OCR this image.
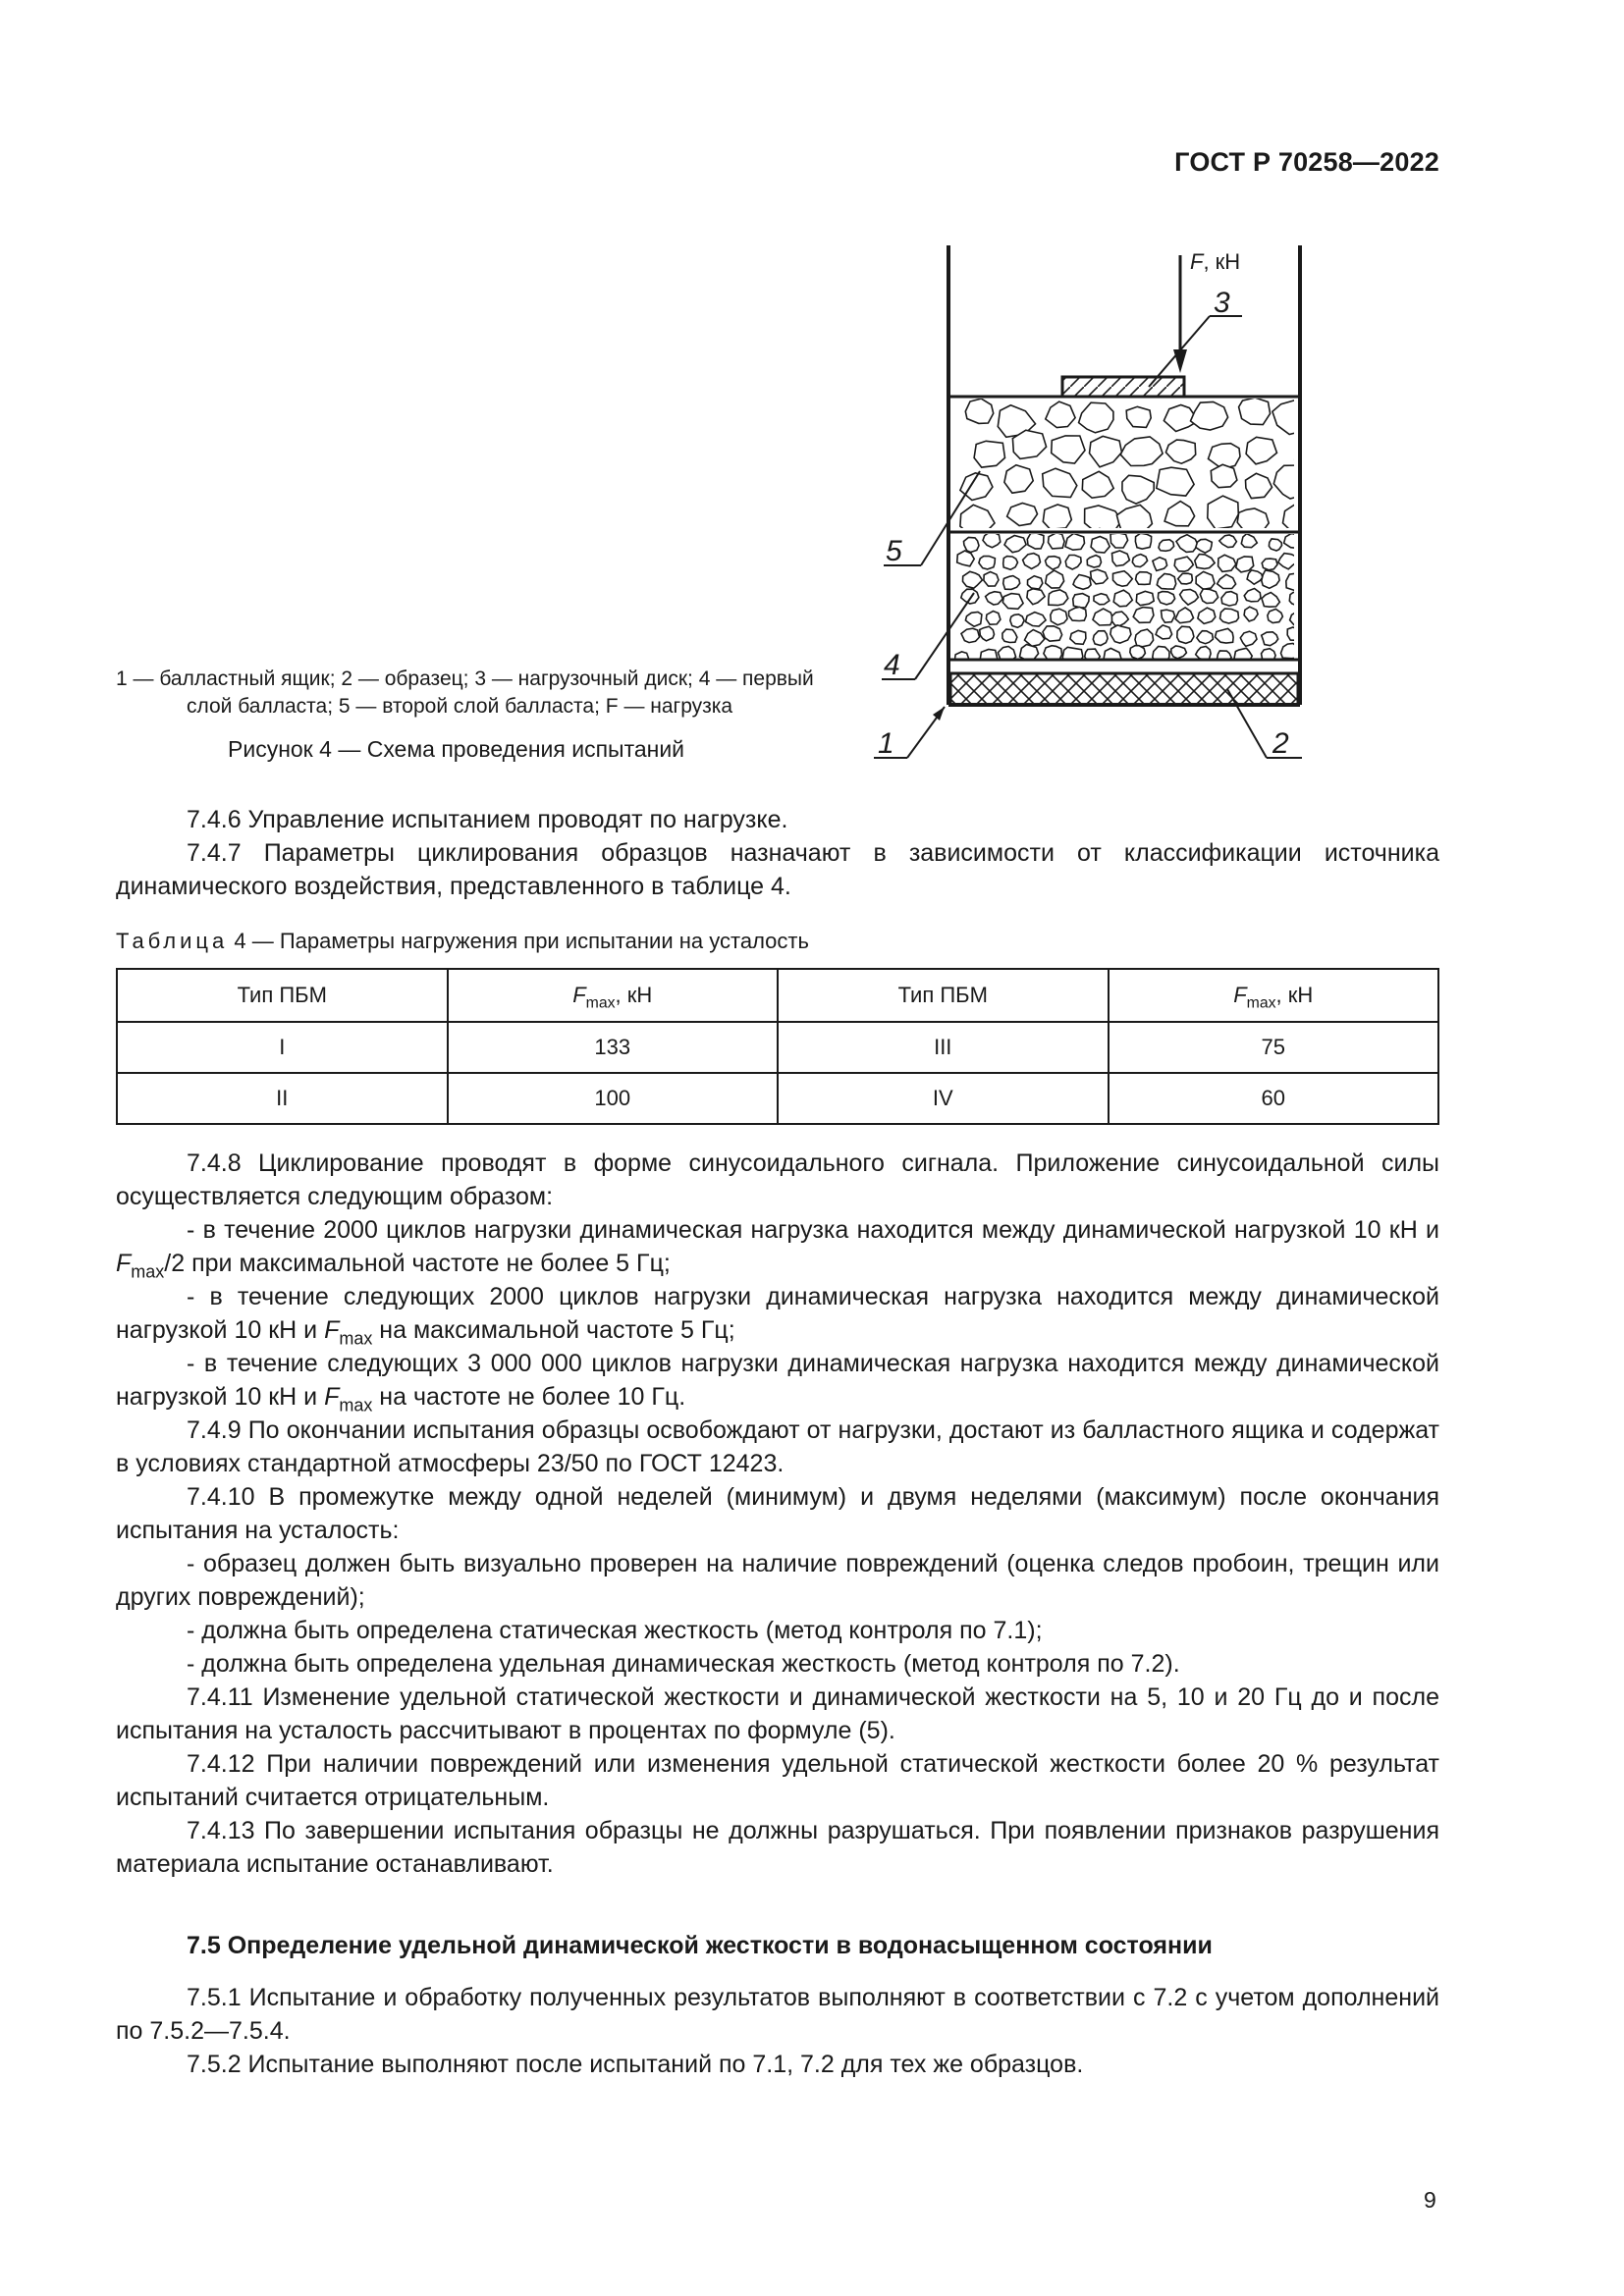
ГОСТ Р 70258—2022
F, кН
3
5
4
1	2
1 — балластный ящик; 2 — образец; 3 — нагрузочный диск; 4 — первый
слой балласта; 5 — второй слой балласта; F — нагрузка
Рисунок 4 — Схема проведения испытаний

7.4.6 Управление испытанием проводят по нагрузке.

7.4.7 Параметры циклирования образцов назначают в зависимости от классификации источника динамического воздействия, представленного в таблице 4.

Таблица 4 — Параметры нагружения при испытании на усталость
Тип ПБМ	$F_{max}$, кН	Тип ПБМ	$F_{max}$, кН
I	133	III	75
II	100	IV	60

7.4.8 Циклирование проводят в форме синусоидального сигнала. Приложение синусоидальной силы осуществляется следующим образом:

- в течение 2000 циклов нагрузки динамическая нагрузка находится между динамической нагрузкой 10 кН и $F_{max}/2$ при максимальной частоте не более 5 Гц;

- в течение следующих 2000 циклов нагрузки динамическая нагрузка находится между динамической нагрузкой 10 кН и $F_{max}$ на максимальной частоте 5 Гц;

- в течение следующих 3 000 000 циклов нагрузки динамическая нагрузка находится между динамической нагрузкой 10 кН и $F_{max}$ на частоте не более 10 Гц.

7.4.9 По окончании испытания образцы освобождают от нагрузки, достают из балластного ящика и содержат в условиях стандартной атмосферы 23/50 по ГОСТ 12423.

7.4.10 В промежутке между одной неделей (минимум) и двумя неделями (максимум) после окончания испытания на усталость:

- образец должен быть визуально проверен на наличие повреждений (оценка следов пробоин, трещин или других повреждений);

- должна быть определена статическая жесткость (метод контроля по 7.1);

- должна быть определена удельная динамическая жесткость (метод контроля по 7.2).

7.4.11 Изменение удельной статической жесткости и динамической жесткости на 5, 10 и 20 Гц до и после испытания на усталость рассчитывают в процентах по формуле (5).

7.4.12 При наличии повреждений или изменения удельной статической жесткости более 20 % результат испытаний считается отрицательным.

7.4.13 По завершении испытания образцы не должны разрушаться. При появлении признаков разрушения материала испытание останавливают.

7.5 Определение удельной динамической жесткости в водонасыщенном состоянии

7.5.1 Испытание и обработку полученных результатов выполняют в соответствии с 7.2 с учетом дополнений по 7.5.2—7.5.4.

7.5.2 Испытание выполняют после испытаний по 7.1, 7.2 для тех же образцов.

9
